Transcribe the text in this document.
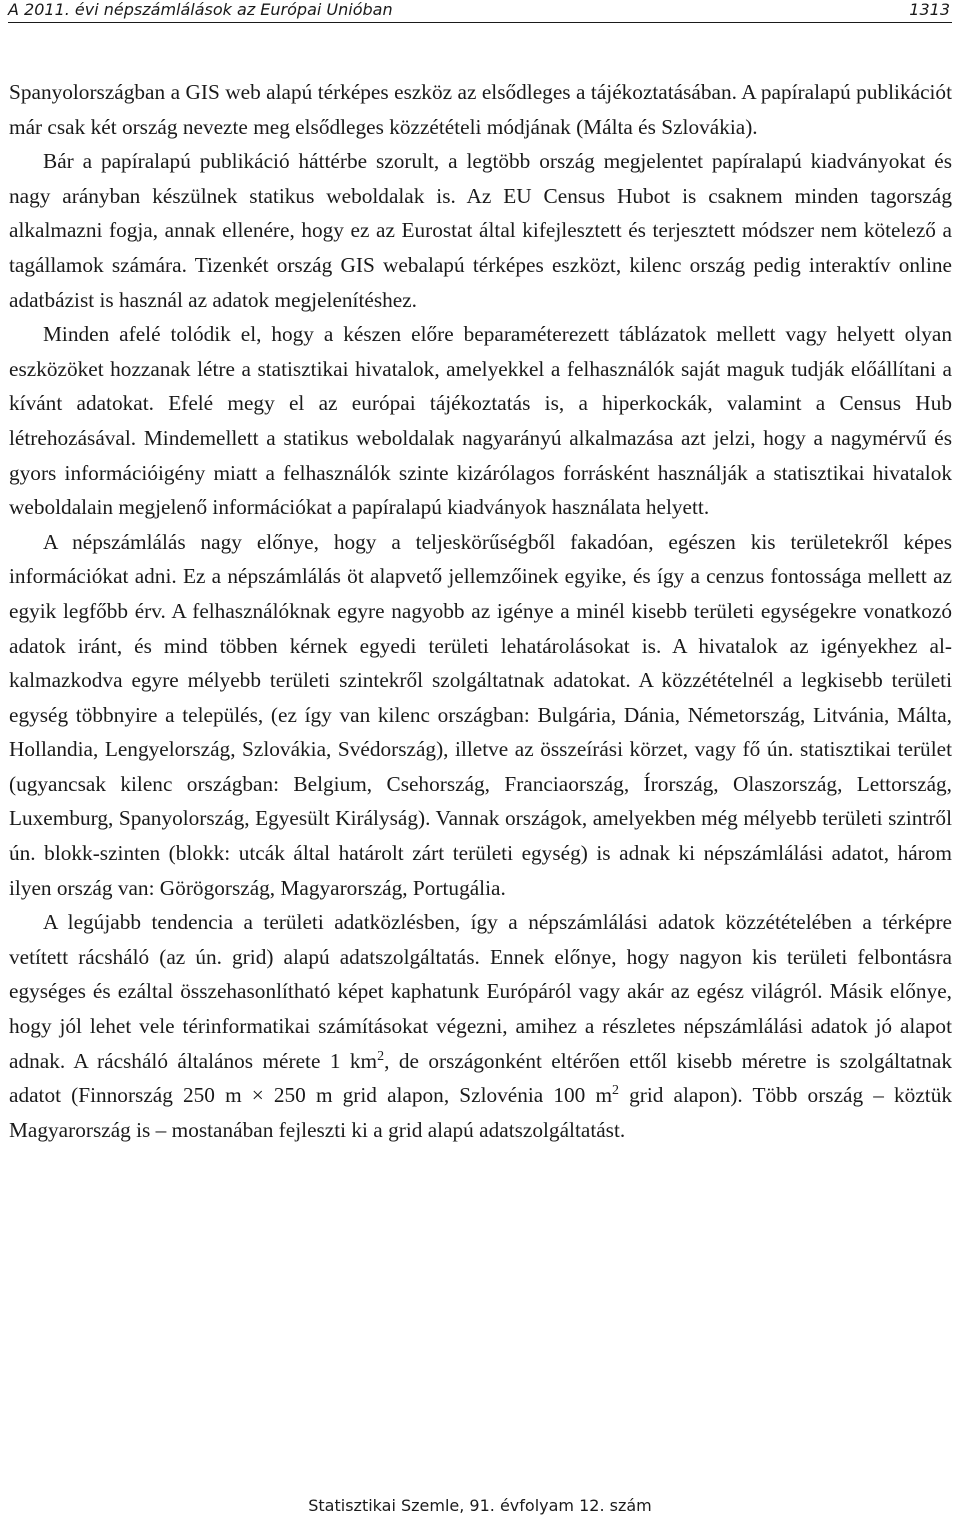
A 2011. évi népszámlálások az Európai Unióban	1313

Spanyolországban a GIS web alapú térképes eszköz az elsődleges a tájékoztatásában. A papíralapú publikációt már csak két ország nevezte meg elsődleges közzétételi módjának (Málta és Szlovákia).

Bár a papíralapú publikáció háttérbe szorult, a legtöbb ország megjelentet papíralapú kiadványokat és nagy arányban készülnek statikus weboldalak is. Az EU Census Hubot is csaknem minden tagország alkalmazni fogja, annak ellenére, hogy ez az Eurostat által kifejlesztett és terjesztett módszer nem kötelező a tagállamok számára. Tizenkét ország GIS webalapú térképes eszközt, kilenc ország pedig interaktív online adatbázist is használ az adatok megjelenítéshez.

Minden afelé tolódik el, hogy a készen előre beparaméterezett táblázatok mellett vagy helyett olyan eszközöket hozzanak létre a statisztikai hivatalok, amelyekkel a felhasználók saját maguk tudják előállítani a kívánt adatokat. Efelé megy el az európai tájékoztatás is, a hiperkockák, valamint a Census Hub létrehozásával. Mindemellett a statikus weboldalak nagyarányú alkalmazása azt jelzi, hogy a nagymérvű és gyors információigény miatt a felhasználók szinte kizárólagos forrásként használják a statisztikai hivatalok weboldalain megjelenő információkat a papíralapú kiadványok használata helyett.

A népszámlálás nagy előnye, hogy a teljeskörűségből fakadóan, egészen kis területekről képes információkat adni. Ez a népszámlálás öt alapvető jellemzőinek egyike, és így a cenzus fontossága mellett az egyik legfőbb érv. A felhasználóknak egyre nagyobb az igénye a minél kisebb területi egységekre vonatkozó adatok iránt, és mind többen kérnek egyedi területi lehatárolásokat is. A hivatalok az igényekhez alkalmazkodva egyre mélyebb területi szintekről szolgáltatnak adatokat. A közzétételnél a legkisebb területi egység többnyire a település, (ez így van kilenc országban: Bulgária, Dánia, Németország, Litvánia, Málta, Hollandia, Lengyelország, Szlovákia, Svédország), illetve az összeírási körzet, vagy fő ún. statisztikai terület (ugyancsak kilenc országban: Belgium, Csehország, Franciaország, Írország, Olaszország, Lettország, Luxemburg, Spanyolország, Egyesült Királyság). Vannak országok, amelyekben még mélyebb területi szintről ún. blokk-szinten (blokk: utcák által határolt zárt területi egység) is adnak ki népszámlálási adatot, három ilyen ország van: Görögország, Magyarország, Portugália.

A legújabb tendencia a területi adatközlésben, így a népszámlálási adatok közzétételében a térképre vetített rácsháló (az ún. grid) alapú adatszolgáltatás. Ennek előnye, hogy nagyon kis területi felbontásra egységes és ezáltal összehasonlítható képet kaphatunk Európáról vagy akár az egész világról. Másik előnye, hogy jól lehet vele térinformatikai számításokat végezni, amihez a részletes népszámlálási adatok jó alapot adnak. A rácsháló általános mérete 1 $km^2$, de országonként eltérően ettől kisebb méretre is szolgáltatnak adatot (Finnország 250 m × 250 m grid alapon, Szlovénia 100 $m^2$ grid alapon). Több ország – köztük Magyarország is – mostanában fejleszti ki a grid alapú adatszolgáltatást.

Statisztikai Szemle, 91. évfolyam 12. szám
